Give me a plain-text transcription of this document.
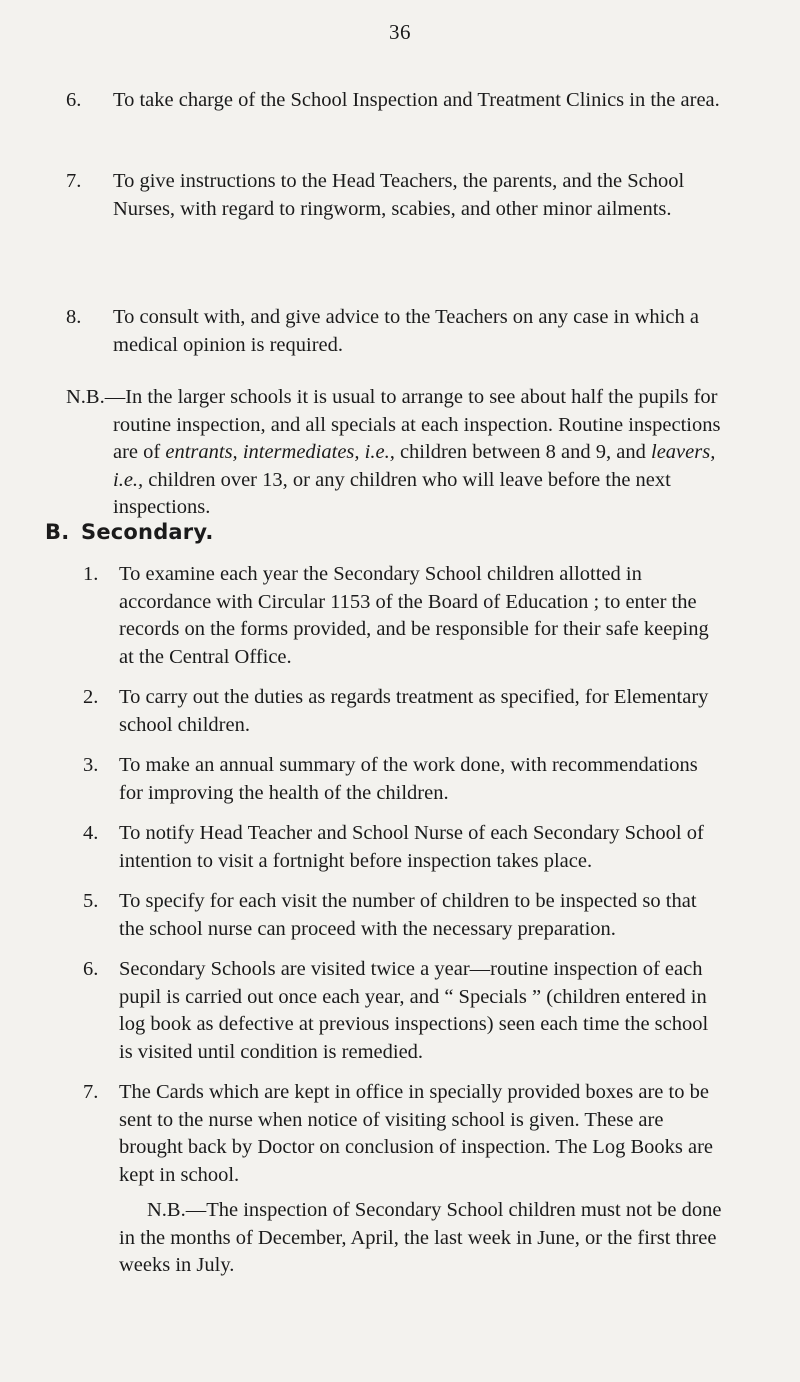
36
6. To take charge of the School Inspection and Treatment Clinics in the area.
7. To give instructions to the Head Teachers, the parents, and the School Nurses, with regard to ringworm, scabies, and other minor ailments.
8. To consult with, and give advice to the Teachers on any case in which a medical opinion is required.
N.B.—In the larger schools it is usual to arrange to see about half the pupils for routine inspection, and all specials at each inspection. Routine inspections are of entrants, intermediates, i.e., children between 8 and 9, and leavers, i.e., children over 13, or any children who will leave before the next inspections.
B. Secondary.
1. To examine each year the Secondary School children allotted in accordance with Circular 1153 of the Board of Education ; to enter the records on the forms provided, and be responsible for their safe keeping at the Central Office.
2. To carry out the duties as regards treatment as specified, for Elementary school children.
3. To make an annual summary of the work done, with recommendations for improving the health of the children.
4. To notify Head Teacher and School Nurse of each Secondary School of intention to visit a fortnight before inspection takes place.
5. To specify for each visit the number of children to be inspected so that the school nurse can proceed with the necessary preparation.
6. Secondary Schools are visited twice a year—routine inspection of each pupil is carried out once each year, and “ Specials ” (children entered in log book as defective at previous inspections) seen each time the school is visited until condition is remedied.
7. The Cards which are kept in office in specially provided boxes are to be sent to the nurse when notice of visiting school is given. These are brought back by Doctor on conclusion of inspection. The Log Books are kept in school.
N.B.—The inspection of Secondary School children must not be done in the months of December, April, the last week in June, or the first three weeks in July.
